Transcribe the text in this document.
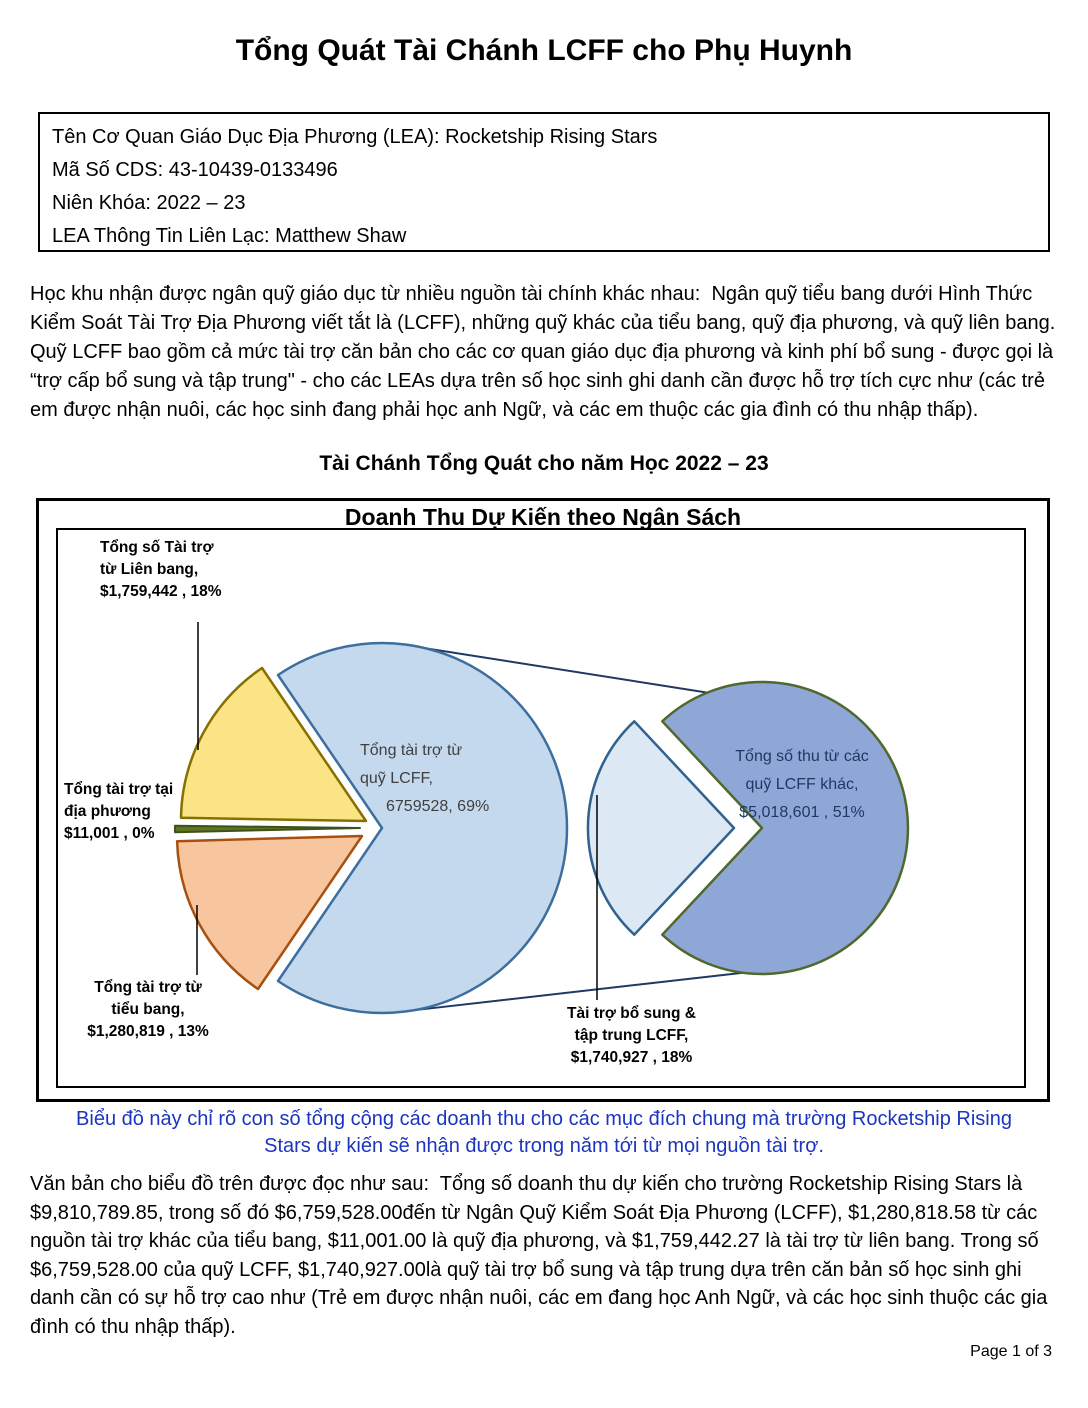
Tổng Quát Tài Chánh LCFF cho Phụ Huynh
Tên Cơ Quan Giáo Dục Địa Phương (LEA): Rocketship Rising Stars
Mã Số CDS: 43-10439-0133496
Niên Khóa: 2022 – 23
LEA Thông Tin Liên Lạc: Matthew Shaw
Học khu nhận được ngân quỹ giáo dục từ nhiều nguồn tài chính khác nhau:  Ngân quỹ tiểu bang dưới Hình Thức Kiểm Soát Tài Trợ Địa Phương viết tắt là (LCFF), những quỹ khác của tiểu bang, quỹ địa phương, và quỹ liên bang. Quỹ LCFF bao gồm cả mức tài trợ căn bản cho các cơ quan giáo dục địa phương và kinh phí bổ sung - được gọi là “trợ cấp bổ sung và tập trung" - cho các LEAs dựa trên số học sinh ghi danh cần được hỗ trợ tích cực như (các trẻ em được nhận nuôi, các học sinh đang phải học anh Ngữ, và các em thuộc các gia đình có thu nhập thấp).
Tài Chánh Tổng Quát cho năm Học 2022 – 23
Doanh Thu Dự Kiến theo Ngân Sách
Tổng số Tài trợ
từ Liên bang,
$1,759,442 , 18%
Tổng tài trợ tại
địa phương
$11,001 , 0%
Tổng tài trợ từ
tiểu bang,
$1,280,819 , 13%
Tổng tài trợ từ
quỹ LCFF,
6759528, 69%
Tổng số thu từ các
quỹ LCFF khác,
$5,018,601 , 51%
Tài trợ bổ sung &
tập trung LCFF,
$1,740,927 , 18%
Biểu đồ này chỉ rõ con số tổng cộng các doanh thu cho các mục đích chung mà trường Rocketship Rising Stars dự kiến sẽ nhận được trong năm tới từ mọi nguồn tài trợ.
Văn bản cho biểu đồ trên được đọc như sau:  Tổng số doanh thu dự kiến cho trường Rocketship Rising Stars là $9,810,789.85, trong số đó $6,759,528.00đến từ Ngân Quỹ Kiểm Soát Địa Phương (LCFF), $1,280,818.58 từ các nguồn tài trợ khác của tiểu bang, $11,001.00 là quỹ địa phương, và $1,759,442.27 là tài trợ từ liên bang. Trong số $6,759,528.00 của quỹ LCFF, $1,740,927.00là quỹ tài trợ bổ sung và tập trung dựa trên căn bản số học sinh ghi danh cần có sự hỗ trợ cao như (Trẻ em được nhận nuôi, các em đang học Anh Ngữ, và các học sinh thuộc các gia đình có thu nhập thấp).
Page 1 of 3
